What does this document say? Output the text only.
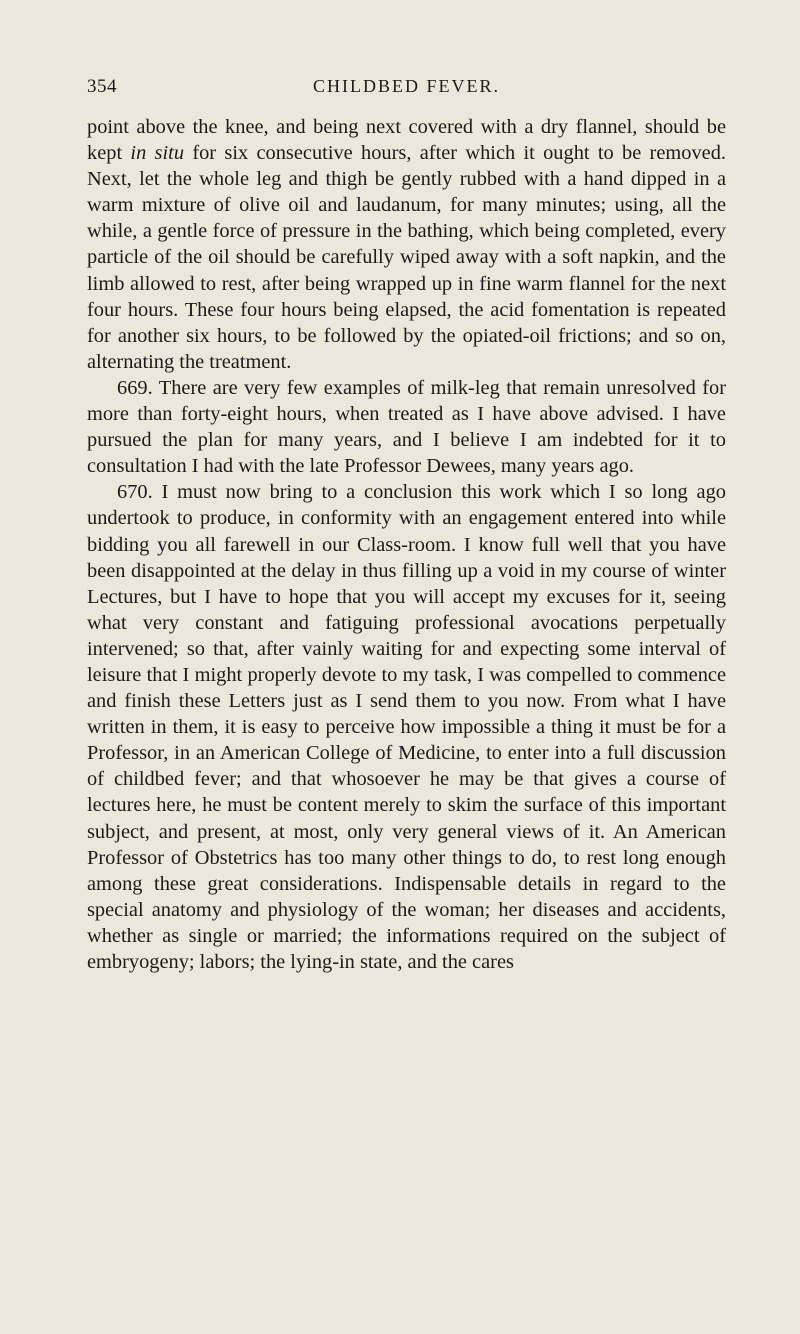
354	CHILDBED FEVER.

point above the knee, and being next covered with a dry flannel, should be kept in situ for six consecutive hours, after which it ought to be removed. Next, let the whole leg and thigh be gently rubbed with a hand dipped in a warm mixture of olive oil and laudanum, for many minutes; using, all the while, a gentle force of pressure in the bathing, which being completed, every particle of the oil should be carefully wiped away with a soft napkin, and the limb allowed to rest, after being wrapped up in fine warm flannel for the next four hours. These four hours being elapsed, the acid fomentation is repeated for another six hours, to be followed by the opiated-oil frictions; and so on, alternating the treatment.

669. There are very few examples of milk-leg that remain unresolved for more than forty-eight hours, when treated as I have above advised. I have pursued the plan for many years, and I believe I am indebted for it to consultation I had with the late Professor Dewees, many years ago.

670. I must now bring to a conclusion this work which I so long ago undertook to produce, in conformity with an engagement entered into while bidding you all farewell in our Class-room. I know full well that you have been disappointed at the delay in thus filling up a void in my course of winter Lectures, but I have to hope that you will accept my excuses for it, seeing what very constant and fatiguing professional avocations perpetually intervened; so that, after vainly waiting for and expecting some interval of leisure that I might properly devote to my task, I was compelled to commence and finish these Letters just as I send them to you now. From what I have written in them, it is easy to perceive how impossible a thing it must be for a Professor, in an American College of Medicine, to enter into a full discussion of childbed fever; and that whosoever he may be that gives a course of lectures here, he must be content merely to skim the surface of this important subject, and present, at most, only very general views of it. An American Professor of Obstetrics has too many other things to do, to rest long enough among these great considerations. Indispensable details in regard to the special anatomy and physiology of the woman; her diseases and accidents, whether as single or married; the informations required on the subject of embryogeny; labors; the lying-in state, and the cares
